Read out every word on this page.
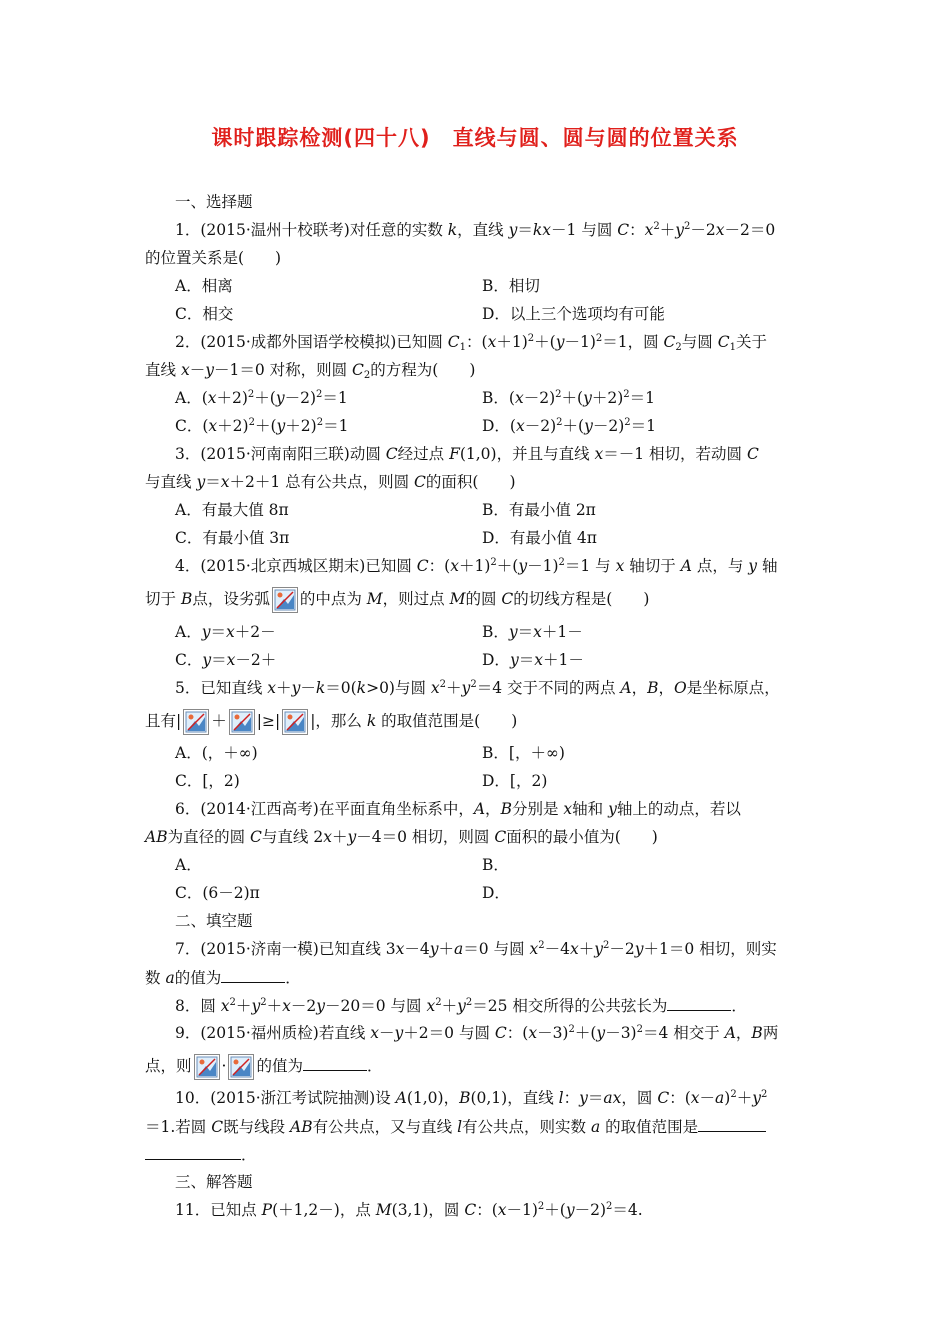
课时跟踪检测(四十八)　直线与圆、圆与圆的位置关系
一、选择题
1．(2015·温州十校联考)对任意的实数 k，直线 y＝kx－1 与圆 C：$x^2+y^2-2x-2=0$
的位置关系是(　　)
A．相离	B．相切
C．相交	D．以上三个选项均有可能
2．(2015·成都外国语学校模拟)已知圆 $C_1$：$(x+1)^2+(y-1)^2=1$，圆 $C_2$与圆 $C_1$关于
直线 x－y－1＝0 对称，则圆 $C_2$的方程为(　　)
A．$(x+2)^2+(y-2)^2=1$	B．$(x-2)^2+(y+2)^2=1$
C．$(x+2)^2+(y+2)^2=1$	D．$(x-2)^2+(y-2)^2=1$
3．(2015·河南南阳三联)动圆 C经过点 F(1,0)，并且与直线 x＝－1 相切，若动圆 C
与直线 y＝x＋2＋1 总有公共点，则圆 C的面积(　　)
A．有最大值 8π	B．有最小值 2π
C．有最小值 3π	D．有最小值 4π
4．(2015·北京西城区期末)已知圆 C：$(x+1)^2+(y-1)^2=1$ 与 x 轴切于 A 点，与 y 轴
切于 B点，设劣弧 的中点为 M，则过点 M的圆 C的切线方程是(　　)
A．y＝x＋2－	B．y＝x＋1－
C．y＝x－2＋	D．y＝x＋1－
5．已知直线 x＋y－k＝0(k>0)与圆 $x^2+y^2=4$ 交于不同的两点 A，B，O是坐标原点，
且有| ＋ |≥| |，那么 k 的取值范围是(　　)
A．(，＋∞)	B．[，＋∞)
C．[，2)	D．[，2)
6．(2014·江西高考)在平面直角坐标系中，A，B分别是 x轴和 y轴上的动点，若以
AB为直径的圆 C与直线 2x＋y－4＝0 相切，则圆 C面积的最小值为(　　)
A．	B．
C．(6－2)π	D．
二、填空题
7．(2015·济南一模)已知直线 3x－4y＋a＝0 与圆 $x^2-4x+y^2-2y+1=0$ 相切，则实
数 a的值为	．
8．圆 $x^2+y^2+x-2y-20=0$ 与圆 $x^2+y^2=25$ 相交所得的公共弦长为	．
9．(2015·福州质检)若直线 x－y＋2＝0 与圆 C：$(x-3)^2+(y-3)^2=4$ 相交于 A，B两
点，则 · 的值为	．
10．(2015·浙江考试院抽测)设 A(1,0)，B(0,1)，直线 l：y＝ax，圆 C：$(x-a)^2+y^2$
＝1.若圆 C既与线段 AB有公共点，又与直线 l有公共点，则实数 a 的取值范围是
．
三、解答题
11．已知点 P(＋1,2－)，点 M(3,1)，圆 C：$(x-1)^2+(y-2)^2=4$.
